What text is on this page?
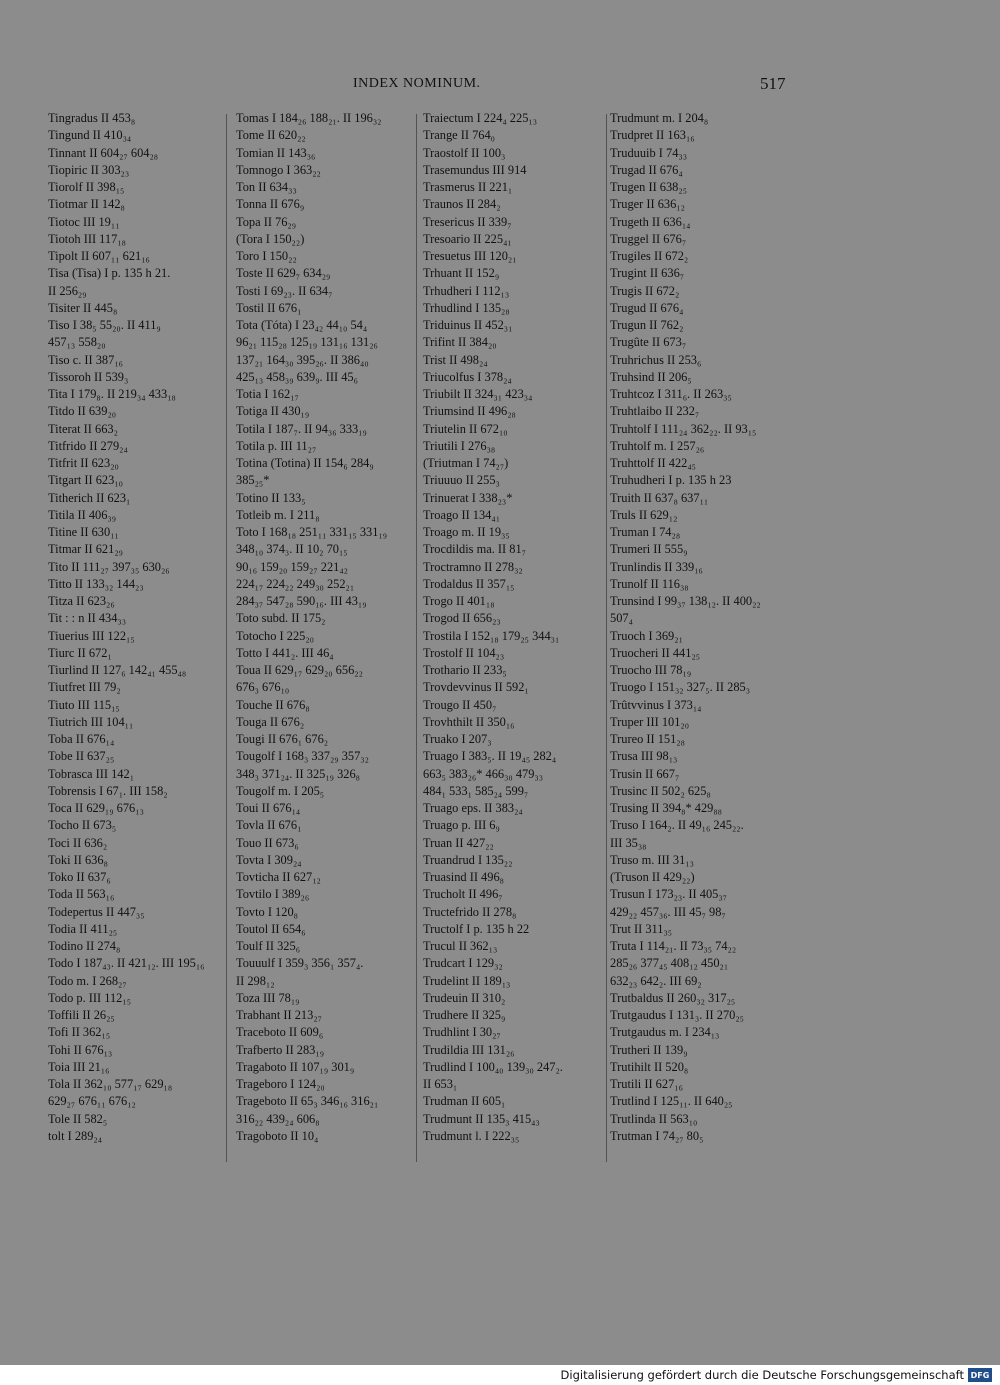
INDEX NOMINUM.	517
Tingradus II 453₈
Tingund II 410₃₄
Tinnant II 604₂₇ 604₂₈
Tiopiric II 303₂₃
Tiorolf II 398₁₅
Tiotmar II 142₈
Tiotoc III 19₁₁
Tiotoh III 117₁₈
Tipolt II 607₁₁ 621₁₆
Tisa (Tisa) I p. 135 h 21.
II 256₂₉
Tisiter II 445₈
Tiso I 38₅ 55₂₀. II 411₉
457₁₃ 558₂₀
Tiso c. II 387₁₆
Tissoroh II 539₃
Tita I 179₈. II 219₃₄ 433₁₈
Titdo II 639₂₀
Titerat II 663₂
Titfrido II 279₂₄
Titfrit II 623₂₀
Titgart II 623₁₀
Titherich II 623₁
Titila II 406₃₉
Titine II 630₁₁
Titmar II 621₂₉
Tito II 111₂₇ 397₃₅ 630₂₆
Titto II 133₃₂ 144₂₃
Titza II 623₂₆
Tit : : n II 434₃₃
Tiuerius III 122₁₅
Tiurc II 672₁
Tiurlind II 127₆ 142₄₁ 455₄₈
Tiutfret III 79₂
Tiuto III 115₁₅
Tiutrich III 104₁₁
Toba II 676₁₄
Tobe II 637₂₅
Tobrasca III 142₁
Tobrensis I 67₁. III 158₂
Toca II 629₁₉ 676₁₃
Tocho II 673₅
Toci II 636₂
Toki II 636₈
Toko II 637₆
Toda II 563₁₆
Todepertus II 447₃₅
Todia II 411₂₅
Todino II 274₈
Todo I 187₄₃. II 421₁₂. III 195₁₆
Todo m. I 268₂₇
Todo p. III 112₁₅
Toffili II 26₂₅
Tofi II 362₁₅
Tohi II 676₁₃
Toia III 21₁₆
Tola II 362₁₀ 577₁₇ 629₁₈
629₂₇ 676₁₁ 676₁₂
Tole II 582₅
tolt I 289₂₄
Tomas I 184₂₆ 188₂₁. II 196₃₂
Tome II 620₂₂
Tomian II 143₃₆
Tomnogo I 363₂₂
Ton II 634₃₃
Tonna II 676₉
Topa II 76₂₉
(Tora I 150₂₂)
Toro I 150₂₂
Toste II 629₇ 634₂₉
Tosti I 69₂₃. II 634₇
Tostil II 676₁
Tota (Tóta) I 23₄₂ 44₁₀ 54₄
96₂₁ 115₂₈ 125₁₉ 131₁₆ 131₂₆
137₂₁ 164₃₀ 395₂₆. II 386₄₀
425₁₃ 458₃₉ 639₉. III 45₆
Totia I 162₁₇
Totiga II 430₁₉
Totila I 187₇. II 94₃₆ 333₁₉
Totila p. III 11₂₇
Totina (Totina) II 154₆ 284₉
385₂₅*
Totino II 133₅
Totleib m. I 211₈
Toto I 168₁₈ 251₁₁ 331₁₅ 331₁₉
348₁₀ 374₃. II 10₂ 70₁₅
90₁₆ 159₂₀ 159₂₇ 221₄₂
224₁₇ 224₂₂ 249₃₀ 252₂₁
284₃₇ 547₂₈ 590₁₆. III 43₁₉
Toto subd. II 175₂
Totocho I 225₂₀
Totto I 441₂. III 46₄
Toua II 629₁₇ 629₂₀ 656₂₂
676₃ 676₁₀
Touche II 676₈
Touga II 676₂
Tougi II 676₁ 676₂
Tougolf I 168₃ 337₂₉ 357₃₂
348₃ 371₂₄. II 325₁₉ 326₈
Tougolf m. I 205₅
Toui II 676₁₄
Tovla II 676₁
Touo II 673₆
Tovta I 309₂₄
Tovticha II 627₁₂
Tovtilo I 389₂₆
Tovto I 120₈
Toutol II 654₆
Toulf II 325₆
Touuulf I 359₃ 356₁ 357₄.
II 298₁₂
Toza III 78₁₉
Trabhant II 213₂₇
Traceboto II 609₆
Trafberto II 283₁₉
Tragaboto II 107₁₉ 301₉
Trageboro I 124₂₀
Trageboto II 65₃ 346₁₆ 316₂₁
316₂₂ 439₂₄ 606₈
Tragoboto II 10₄
Traiectum I 224₄ 225₁₃
Trange II 764₀
Traostolf II 100₃
Trasemundus III 914
Trasmerus II 221₁
Traunos II 284₂
Tresericus II 339₇
Tresoario II 225₄₁
Tresuetus III 120₂₁
Trhuant II 152₉
Trhudheri I 112₁₃
Trhudlind I 135₂₈
Triduinus II 452₃₁
Trifint II 384₂₀
Trist II 498₂₄
Triucolfus I 378₂₄
Triubilt II 324₃₁ 423₃₄
Triumsind II 496₂₈
Triutelin II 672₁₀
Triutili I 276₃₈
(Triutman I 74₂₇)
Triuuuo II 255₃
Trinuerat I 338₂₃*
Troago II 134₄₁
Troago m. II 19₃₅
Trocdildis ma. II 81₇
Troctramno II 278₃₂
Trodaldus II 357₁₅
Trogo II 401₁₈
Trogod II 656₂₃
Trostila I 152₁₈ 179₂₅ 344₃₁
Trostolf II 104₂₃
Trothario II 233₅
Trovdevvinus II 592₁
Trougo II 450₇
Trovhthilt II 350₁₆
Truako I 207₃
Truago I 383₅. II 19₄₅ 282₄
663₅ 383₂₆* 466₃₀ 479₃₃
484₁ 533₁ 585₂₄ 599₇
Truago eps. II 383₂₄
Truago p. III 6₉
Truan II 427₂₂
Truandrud I 135₂₂
Truasind II 496₈
Trucholt II 496₇
Tructefrido II 278₈
Tructolf I p. 135 h 22
Trucul II 362₁₃
Trudcart I 129₃₂
Trudelint II 189₁₃
Trudeuin II 310₂
Trudhere II 325₉
Trudhlint I 30₂₇
Trudildia III 131₂₆
Trudlind I 100₄₀ 139₃₀ 247₂.
II 653₁
Trudman II 605₁
Trudmunt II 135₃ 415₄₃
Trudmunt l. I 222₃₅
Trudmunt m. I 204₈
Trudpret II 163₁₆
Truduuib I 74₃₃
Trugad II 676₄
Trugen II 638₂₅
Truger II 636₁₂
Trugeth II 636₁₄
Truggel II 676₇
Trugiles II 672₂
Trugint II 636₇
Trugis II 672₂
Trugud II 676₄
Trugun II 762₂
Trugûte II 673₇
Truhrichus II 253₆
Truhsind II 206₅
Truhtcoz I 311₆. II 263₃₅
Truhtlaibo II 232₇
Truhtolf I 111₂₄ 362₂₂. II 93₁₅
Truhtolf m. I 257₂₆
Truhttolf II 422₄₅
Truhudheri I p. 135 h 23
Truith II 637₈ 637₁₁
Truls II 629₁₂
Truman I 74₂₈
Trumeri II 555₉
Trunlindis II 339₁₆
Trunolf II 116₃₈
Trunsind I 99₃₇ 138₁₂. II 400₂₂
507₄
Truoch I 369₂₁
Truocheri II 441₂₅
Truocho III 78₁₉
Truogo I 151₃₂ 327₅. II 285₃
Trûtvvinus I 373₁₄
Truper III 101₂₀
Trureo II 151₂₈
Trusa III 98₁₃
Trusin II 667₇
Trusinc II 502₂ 625₈
Trusing II 394₈* 429₈₈
Truso I 164₂. II 49₁₆ 245₂₂.
III 35₃₈
Truso m. III 31₁₃
(Truson II 429₂₂)
Trusun I 173₂₃. II 405₃₇
429₂₂ 457₃₆. III 45₇ 98₇
Trut II 311₃₅
Truta I 114₂₁. II 73₃₅ 74₂₂
285₂₆ 377₄₅ 408₁₂ 450₂₁
632₂₃ 642₂. III 69₂
Trutbaldus II 260₃₂ 317₂₅
Trutgaudus I 131₃. II 270₂₅
Trutgaudus m. I 234₁₃
Trutheri II 139₉
Trutihilt II 520₈
Trutili II 627₁₆
Trutlind I 125₁₁. II 640₂₅
Trutlinda II 563₁₀
Trutman I 74₂₇ 80₅
Digitalisierung gefördert durch die Deutsche Forschungsgemeinschaft DFG
